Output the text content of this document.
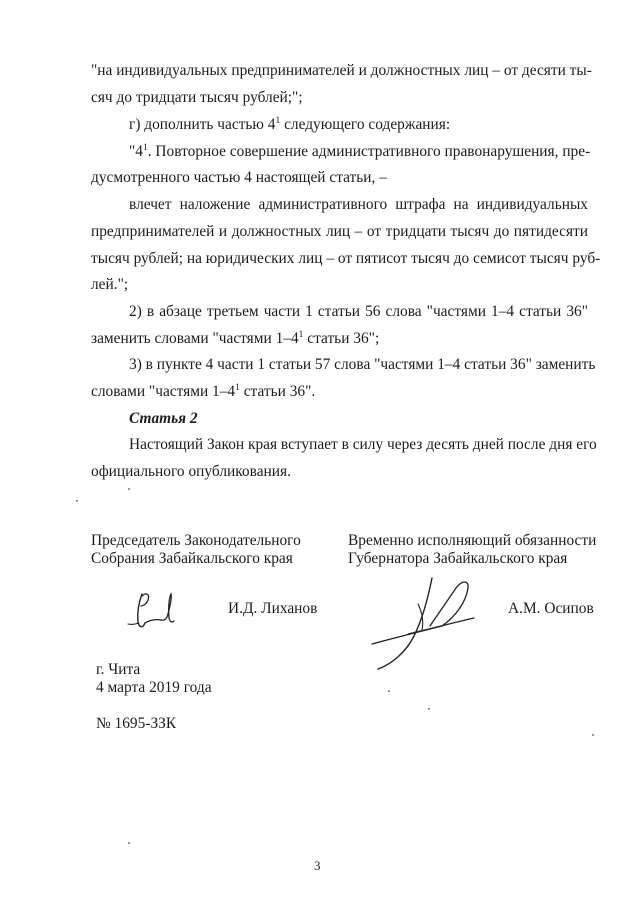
"на индивидуальных предпринимателей и должностных лиц – от десяти ты-
сяч до тридцати тысяч рублей;";
г) дополнить частью $4^1$ следующего содержания:
"$4^1$. Повторное совершение административного правонарушения, пре-
дусмотренного частью 4 настоящей статьи, –
влечет наложение административного штрафа на индивидуальных
предпринимателей и должностных лиц – от тридцати тысяч до пятидесяти
тысяч рублей; на юридических лиц – от пятисот тысяч до семисот тысяч руб-
лей.";
2) в абзаце третьем части 1 статьи 56 слова "частями 1–4 статьи 36"
заменить словами "частями $1-4^1$ статьи 36";
3) в пункте 4 части 1 статьи 57 слова "частями 1–4 статьи 36" заменить
словами "частями $1-4^1$ статьи 36".
Статья 2
Настоящий Закон края вступает в силу через десять дней после дня его
официального опубликования.
Председатель Законодательного
Собрания Забайкальского края
Временно исполняющий обязанности
Губернатора Забайкальского края
И.Д. Лиханов	А.М. Осипов
г. Чита
4 марта 2019 года
№ 1695-ЗЗК
3
